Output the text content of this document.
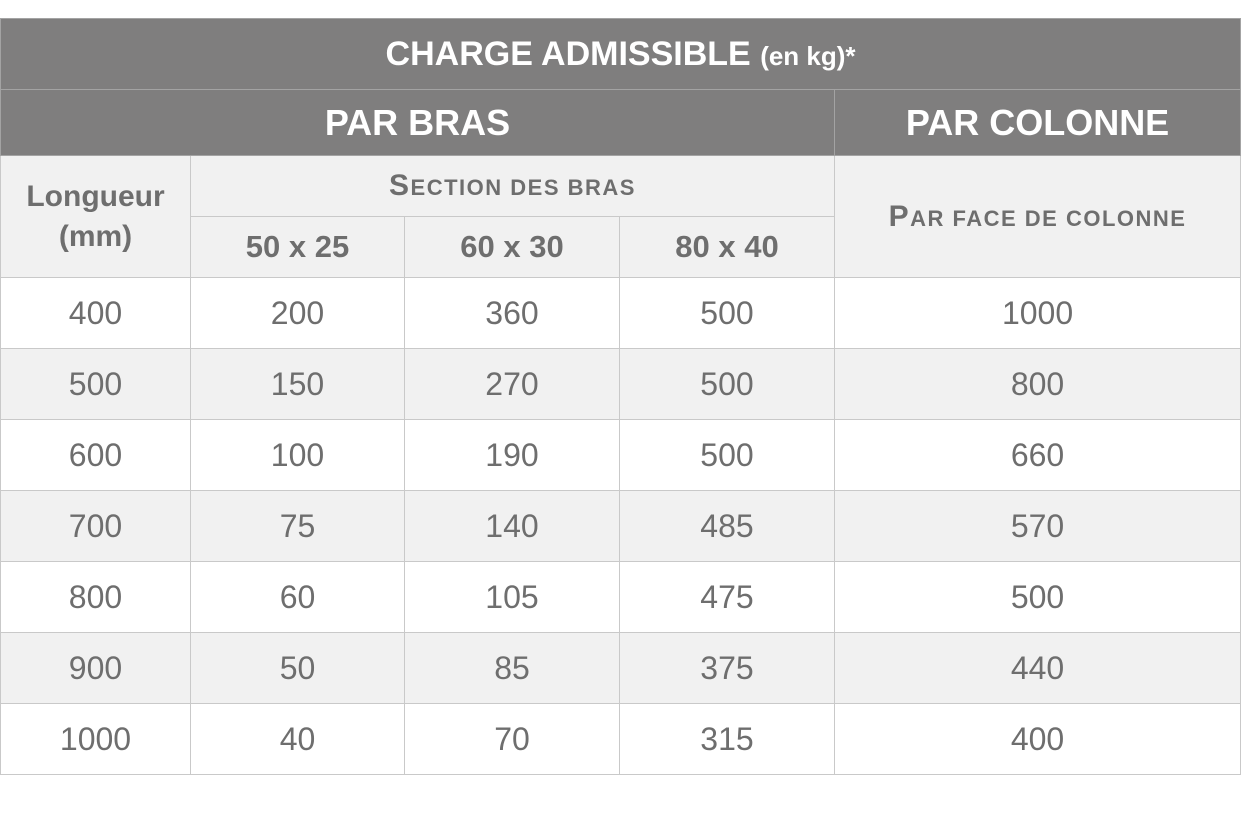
CHARGE ADMISSIBLE (en kg)*				
PAR BRAS				PAR COLONNE
Longueur
(mm)	SECTION DES BRAS			PAR FACE DE COLONNE
	50 x 25	60 x 30	80 x 40	
400	200	360	500	1000
500	150	270	500	800
600	100	190	500	660
700	75	140	485	570
800	60	105	475	500
900	50	85	375	440
1000	40	70	315	400
